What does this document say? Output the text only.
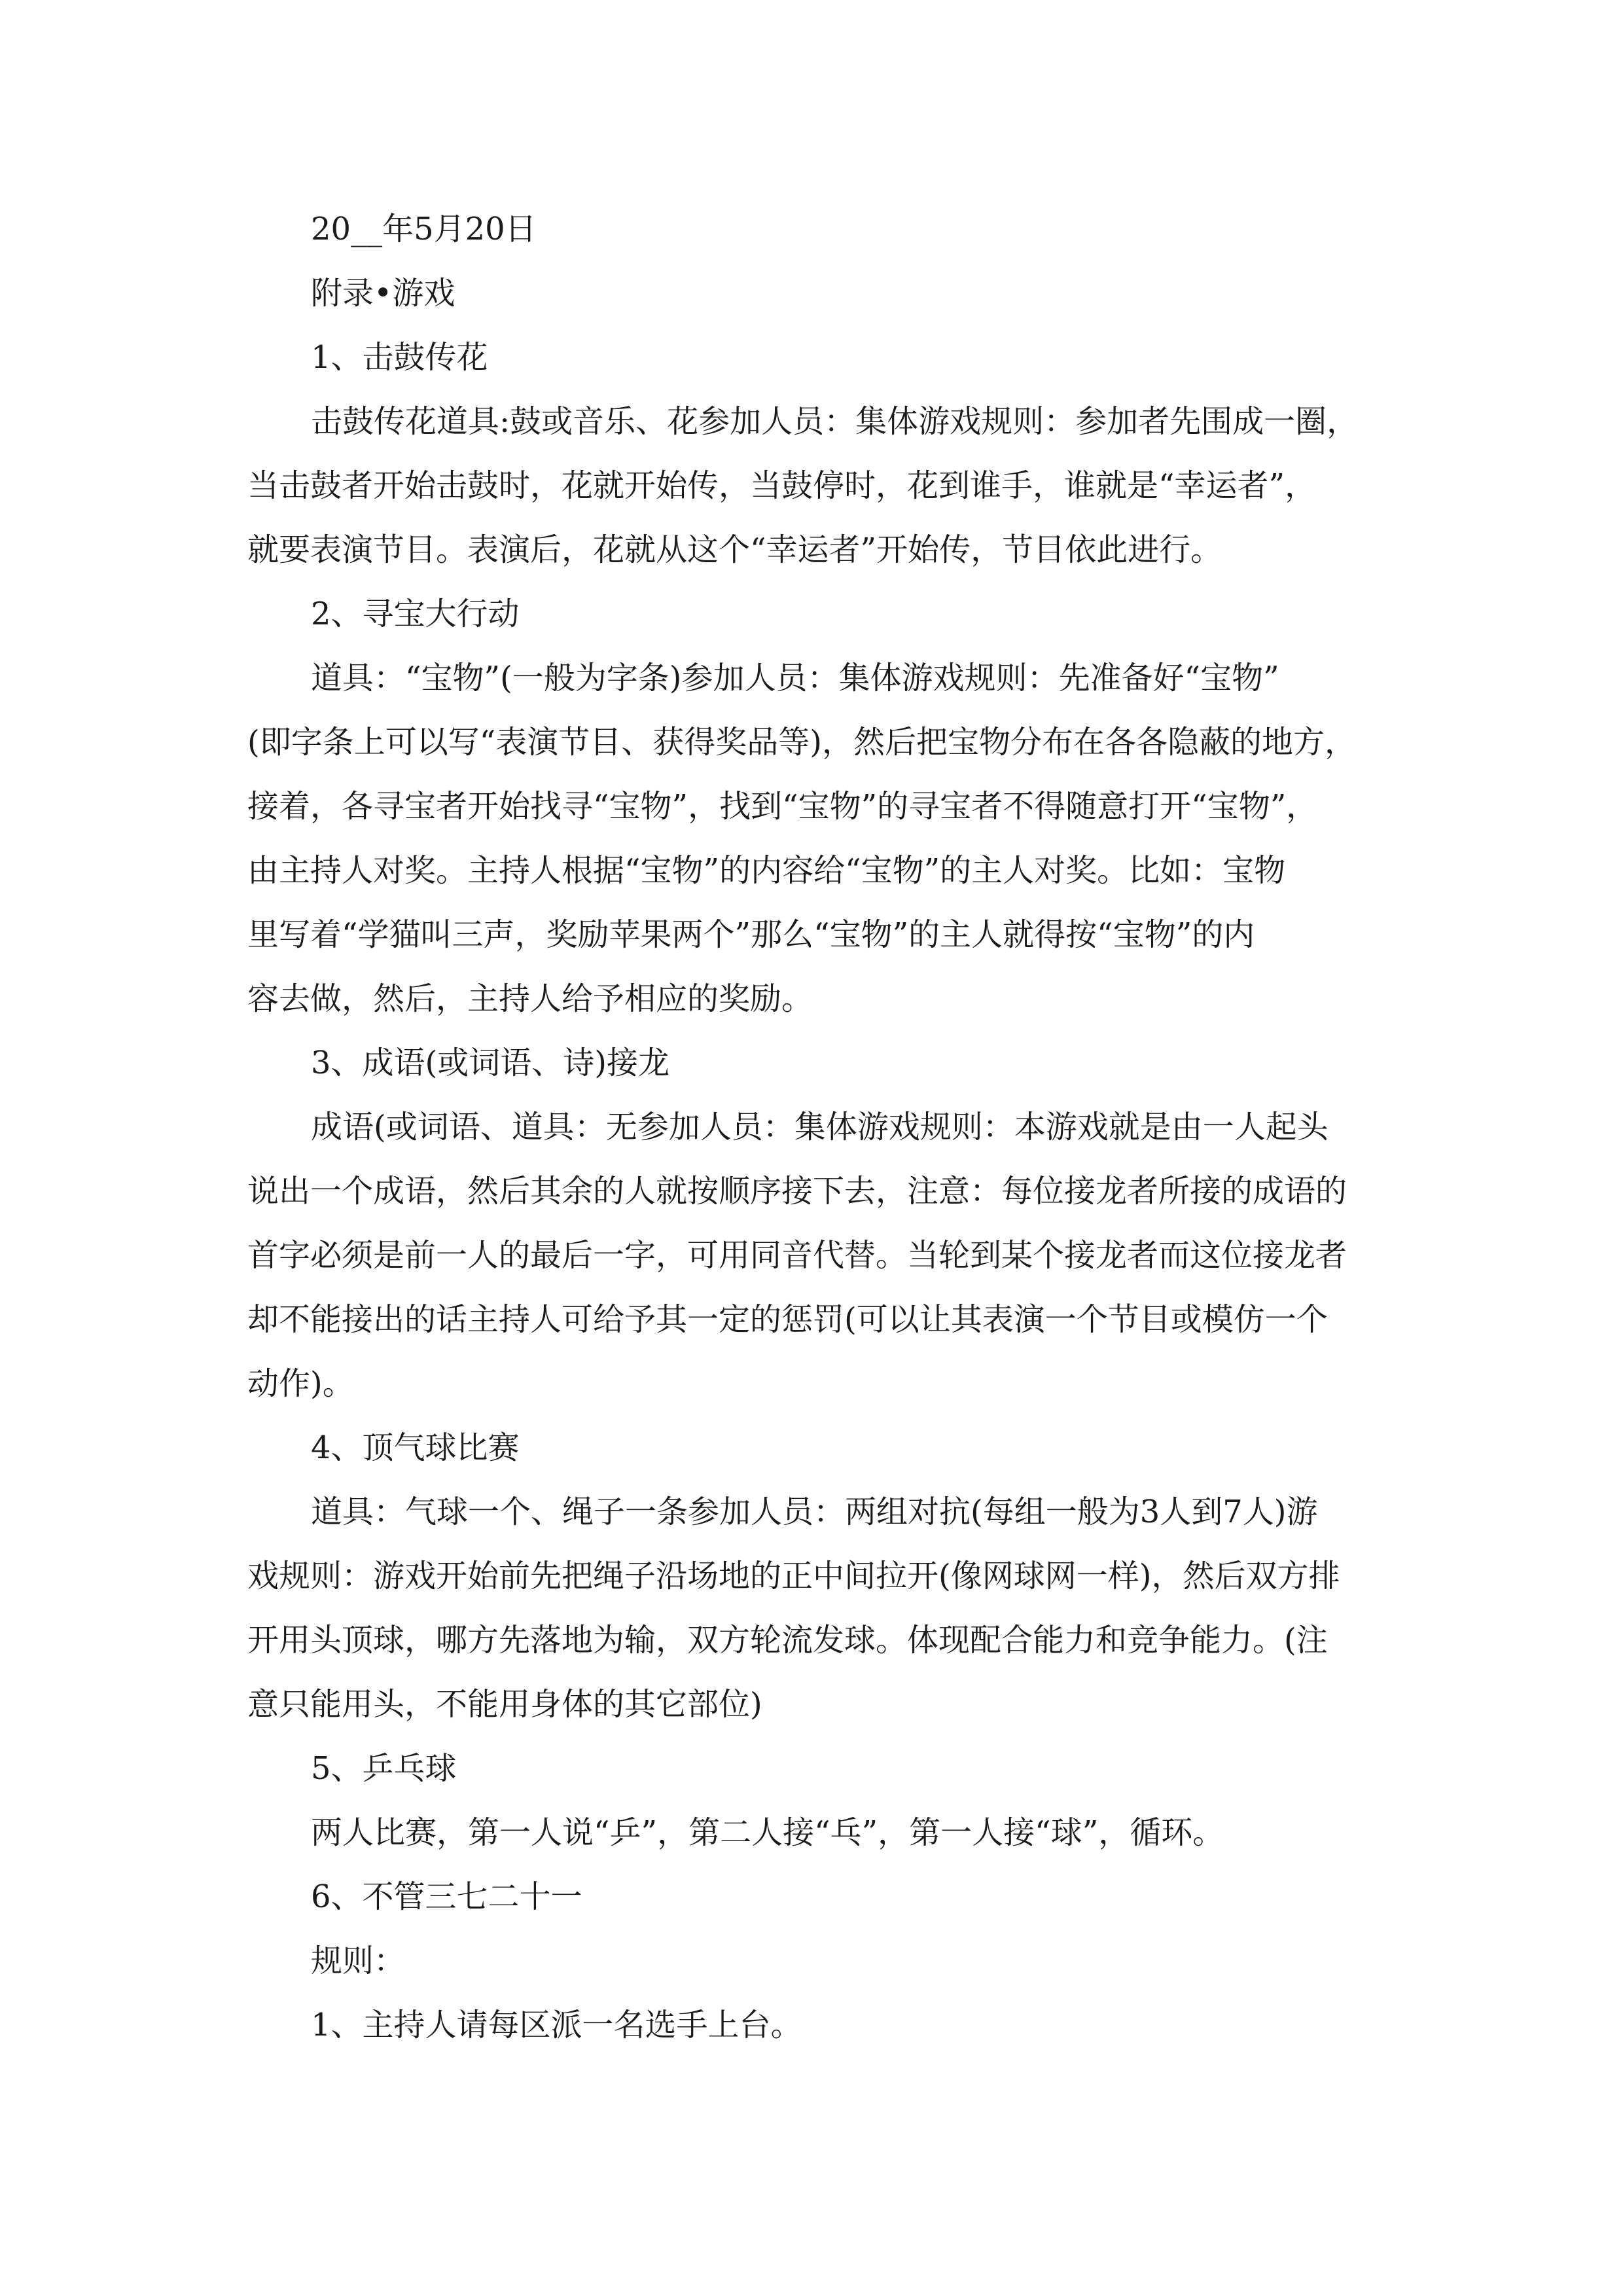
20__年5月20日
附录•游戏
1、击鼓传花
击鼓传花道具:鼓或音乐、花参加人员：集体游戏规则：参加者先围成一圈，
当击鼓者开始击鼓时，花就开始传，当鼓停时，花到谁手，谁就是“幸运者”，
就要表演节目。表演后，花就从这个“幸运者”开始传，节目依此进行。
2、寻宝大行动
道具：“宝物”(一般为字条)参加人员：集体游戏规则：先准备好“宝物”
(即字条上可以写“表演节目、获得奖品等)，然后把宝物分布在各各隐蔽的地方，
接着，各寻宝者开始找寻“宝物”，找到“宝物”的寻宝者不得随意打开“宝物”，
由主持人对奖。主持人根据“宝物”的内容给“宝物”的主人对奖。比如：宝物
里写着“学猫叫三声，奖励苹果两个”那么“宝物”的主人就得按“宝物”的内
容去做，然后，主持人给予相应的奖励。
3、成语(或词语、诗)接龙
成语(或词语、道具：无参加人员：集体游戏规则：本游戏就是由一人起头
说出一个成语，然后其余的人就按顺序接下去，注意：每位接龙者所接的成语的
首字必须是前一人的最后一字，可用同音代替。当轮到某个接龙者而这位接龙者
却不能接出的话主持人可给予其一定的惩罚(可以让其表演一个节目或模仿一个
动作)。
4、顶气球比赛
道具：气球一个、绳子一条参加人员：两组对抗(每组一般为3人到7人)游
戏规则：游戏开始前先把绳子沿场地的正中间拉开(像网球网一样)，然后双方排
开用头顶球，哪方先落地为输，双方轮流发球。体现配合能力和竞争能力。(注
意只能用头，不能用身体的其它部位)
5、乒乓球
两人比赛，第一人说“乒”，第二人接“乓”，第一人接“球”，循环。
6、不管三七二十一
规则：
1、主持人请每区派一名选手上台。
